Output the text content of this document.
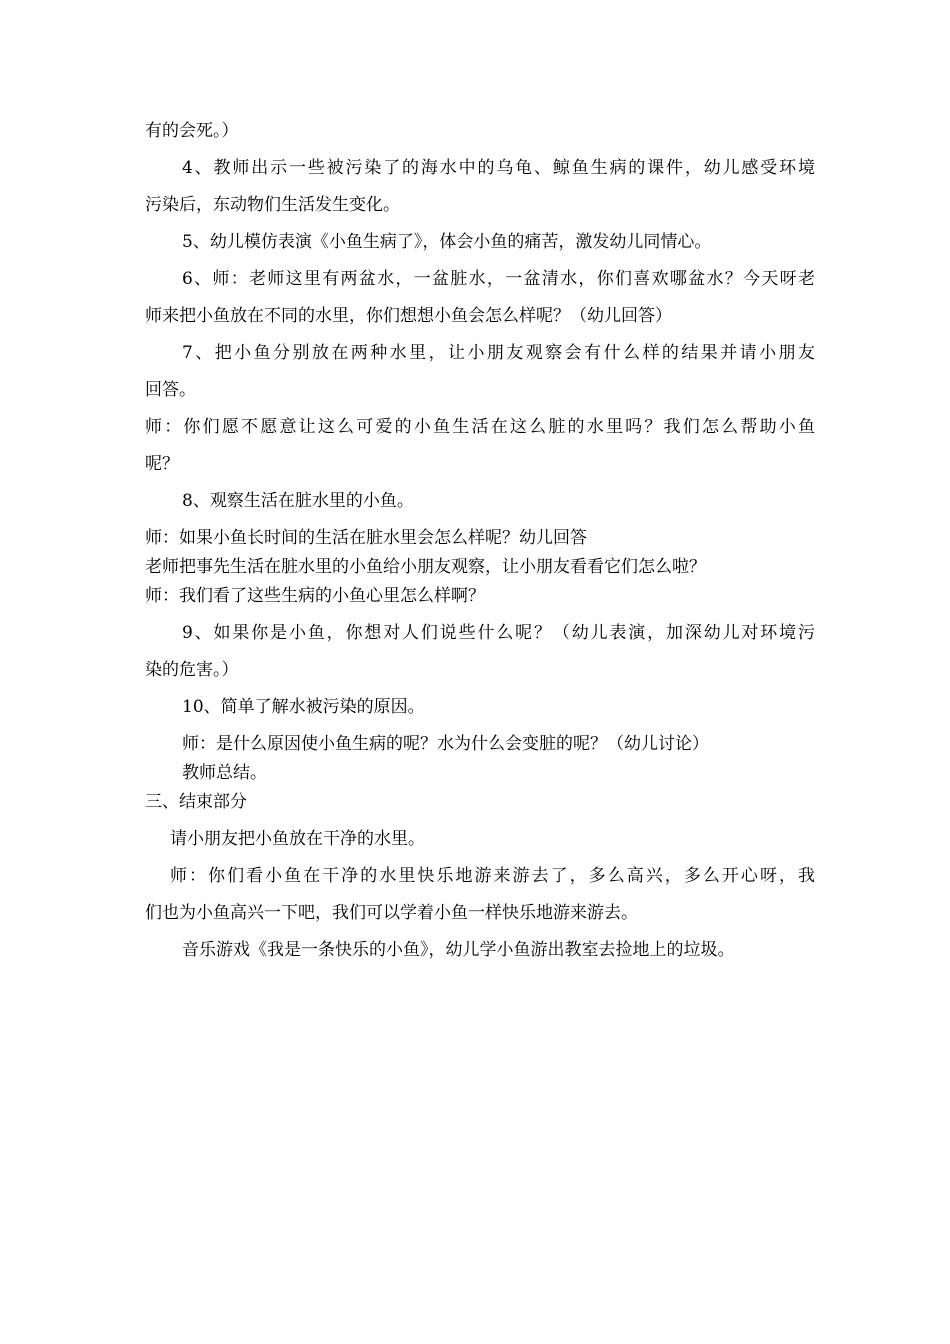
有的会死。）
4、教师出示一些被污染了的海水中的乌龟、鲸鱼生病的课件，幼儿感受环境
污染后，东动物们生活发生变化。
5、幼儿模仿表演《小鱼生病了》，体会小鱼的痛苦，激发幼儿同情心。
6、师：老师这里有两盆水，一盆脏水，一盆清水，你们喜欢哪盆水？今天呀老
师来把小鱼放在不同的水里，你们想想小鱼会怎么样呢？（幼儿回答）
7、把小鱼分别放在两种水里，让小朋友观察会有什么样的结果并请小朋友
回答。
师：你们愿不愿意让这么可爱的小鱼生活在这么脏的水里吗？我们怎么帮助小鱼
呢？
8、观察生活在脏水里的小鱼。
师：如果小鱼长时间的生活在脏水里会怎么样呢？幼儿回答
老师把事先生活在脏水里的小鱼给小朋友观察，让小朋友看看它们怎么啦？
师：我们看了这些生病的小鱼心里怎么样啊？
9、如果你是小鱼，你想对人们说些什么呢？（幼儿表演，加深幼儿对环境污
染的危害。）
10、简单了解水被污染的原因。
师：是什么原因使小鱼生病的呢？水为什么会变脏的呢？（幼儿讨论）
教师总结。
三、结束部分
请小朋友把小鱼放在干净的水里。
师：你们看小鱼在干净的水里快乐地游来游去了，多么高兴，多么开心呀，我
们也为小鱼高兴一下吧，我们可以学着小鱼一样快乐地游来游去。
音乐游戏《我是一条快乐的小鱼》，幼儿学小鱼游出教室去捡地上的垃圾。
